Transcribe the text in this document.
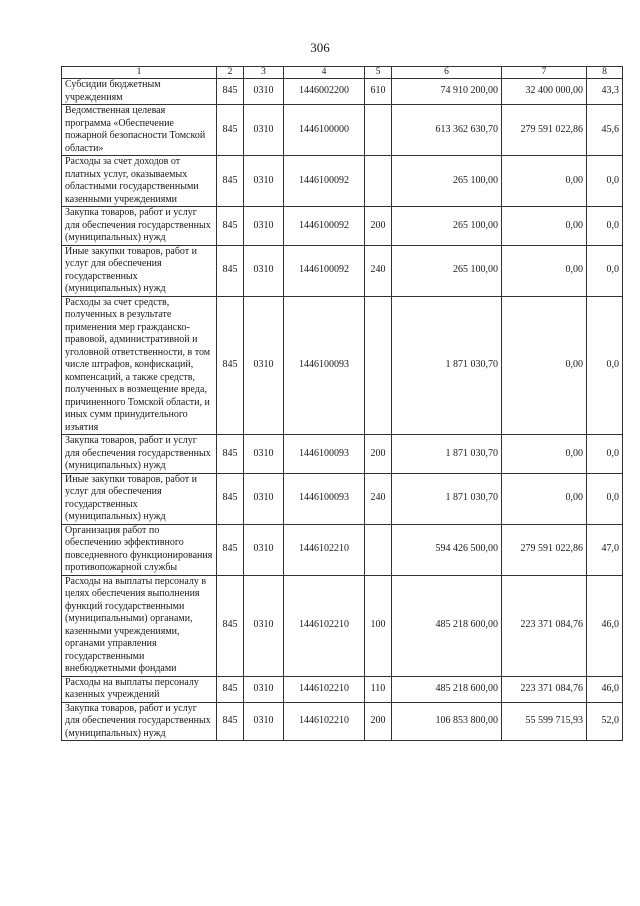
306
1	2	3	4	5	6	7	8
Субсидии бюджетным учреждениям	845	0310	1446002200	610	74 910 200,00	32 400 000,00	43,3
Ведомственная целевая программа «Обеспечение пожарной безопасности Томской области»	845	0310	1446100000		613 362 630,70	279 591 022,86	45,6
Расходы за счет доходов от платных услуг, оказываемых областными государственными казенными учреждениями	845	0310	1446100092		265 100,00	0,00	0,0
Закупка товаров, работ и услуг для обеспечения государственных (муниципальных) нужд	845	0310	1446100092	200	265 100,00	0,00	0,0
Иные закупки товаров, работ и услуг для обеспечения государственных (муниципальных) нужд	845	0310	1446100092	240	265 100,00	0,00	0,0
Расходы за счет средств, полученных в результате применения мер гражданско-правовой, административной и уголовной ответственности, в том числе штрафов, конфискаций, компенсаций, а также средств, полученных в возмещение вреда, причиненного Томской области, и иных сумм принудительного изъятия	845	0310	1446100093		1 871 030,70	0,00	0,0
Закупка товаров, работ и услуг для обеспечения государственных (муниципальных) нужд	845	0310	1446100093	200	1 871 030,70	0,00	0,0
Иные закупки товаров, работ и услуг для обеспечения государственных (муниципальных) нужд	845	0310	1446100093	240	1 871 030,70	0,00	0,0
Организация работ по обеспечению эффективного повседневного функционирования противопожарной службы	845	0310	1446102210		594 426 500,00	279 591 022,86	47,0
Расходы на выплаты персоналу в целях обеспечения выполнения функций государственными (муниципальными) органами, казенными учреждениями, органами управления государственными внебюджетными фондами	845	0310	1446102210	100	485 218 600,00	223 371 084,76	46,0
Расходы на выплаты персоналу казенных учреждений	845	0310	1446102210	110	485 218 600,00	223 371 084,76	46,0
Закупка товаров, работ и услуг для обеспечения государственных (муниципальных) нужд	845	0310	1446102210	200	106 853 800,00	55 599 715,93	52,0
